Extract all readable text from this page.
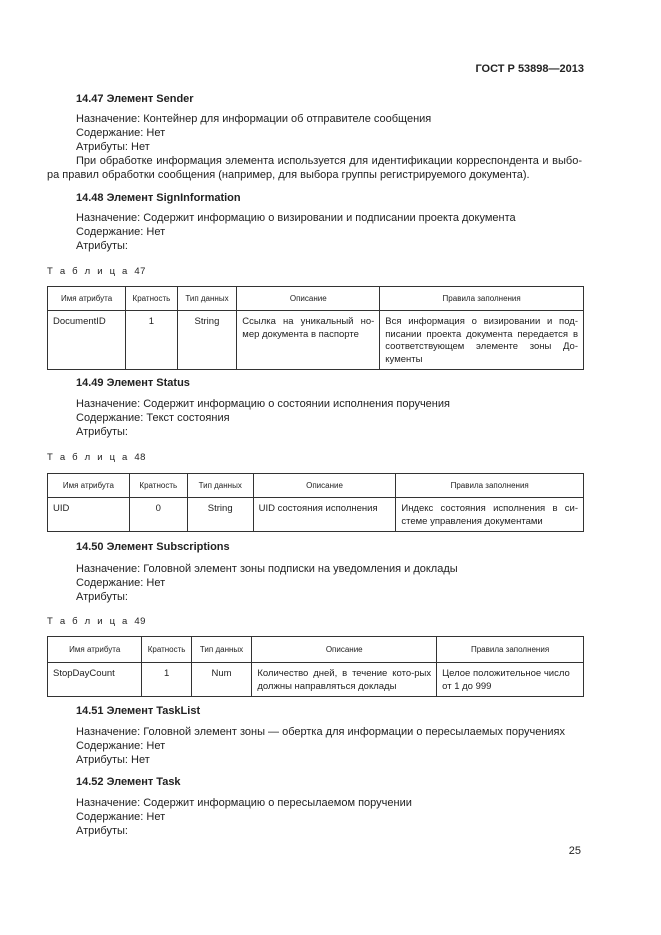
ГОСТ Р 53898—2013
14.47 Элемент Sender
Назначение: Контейнер для информации об отправителе сообщения
Содержание: Нет
Атрибуты: Нет
При обработке информация элемента используется для идентификации корреспондента и выбо-
ра правил обработки сообщения (например, для выбора группы регистрируемого документа).
14.48 Элемент SignInformation
Назначение: Содержит информацию о визировании и подписании проекта документа
Содержание: Нет
Атрибуты:
Т а б л и ц а 47
Имя атрибута	Кратность	Тип данных	Описание	Правила заполнения
DocumentID	1	String	Ссылка на уникальный но-мер документа в паспорте	Вся информация о визировании и под-писании проекта документа передается в соответствующем элементе зоны До-кументы
14.49 Элемент Status
Назначение: Содержит информацию о состоянии исполнения поручения
Содержание: Текст состояния
Атрибуты:
Т а б л и ц а 48
Имя атрибута	Кратность	Тип данных	Описание	Правила заполнения
UID	0	String	UID состояния исполнения	Индекс состояния исполнения в си-стеме управления документами
14.50 Элемент Subscriptions
Назначение: Головной элемент зоны подписки на уведомления и доклады
Содержание: Нет
Атрибуты:
Т а б л и ц а 49
Имя атрибута	Кратность	Тип данных	Описание	Правила заполнения
StopDayCount	1	Num	Количество дней, в течение кото-рых должны направляться доклады	Целое положительное число от 1 до 999
14.51 Элемент TaskList
Назначение: Головной элемент зоны — обертка для информации о пересылаемых поручениях
Содержание: Нет
Атрибуты: Нет
14.52 Элемент Task
Назначение: Содержит информацию о пересылаемом поручении
Содержание: Нет
Атрибуты:
25
